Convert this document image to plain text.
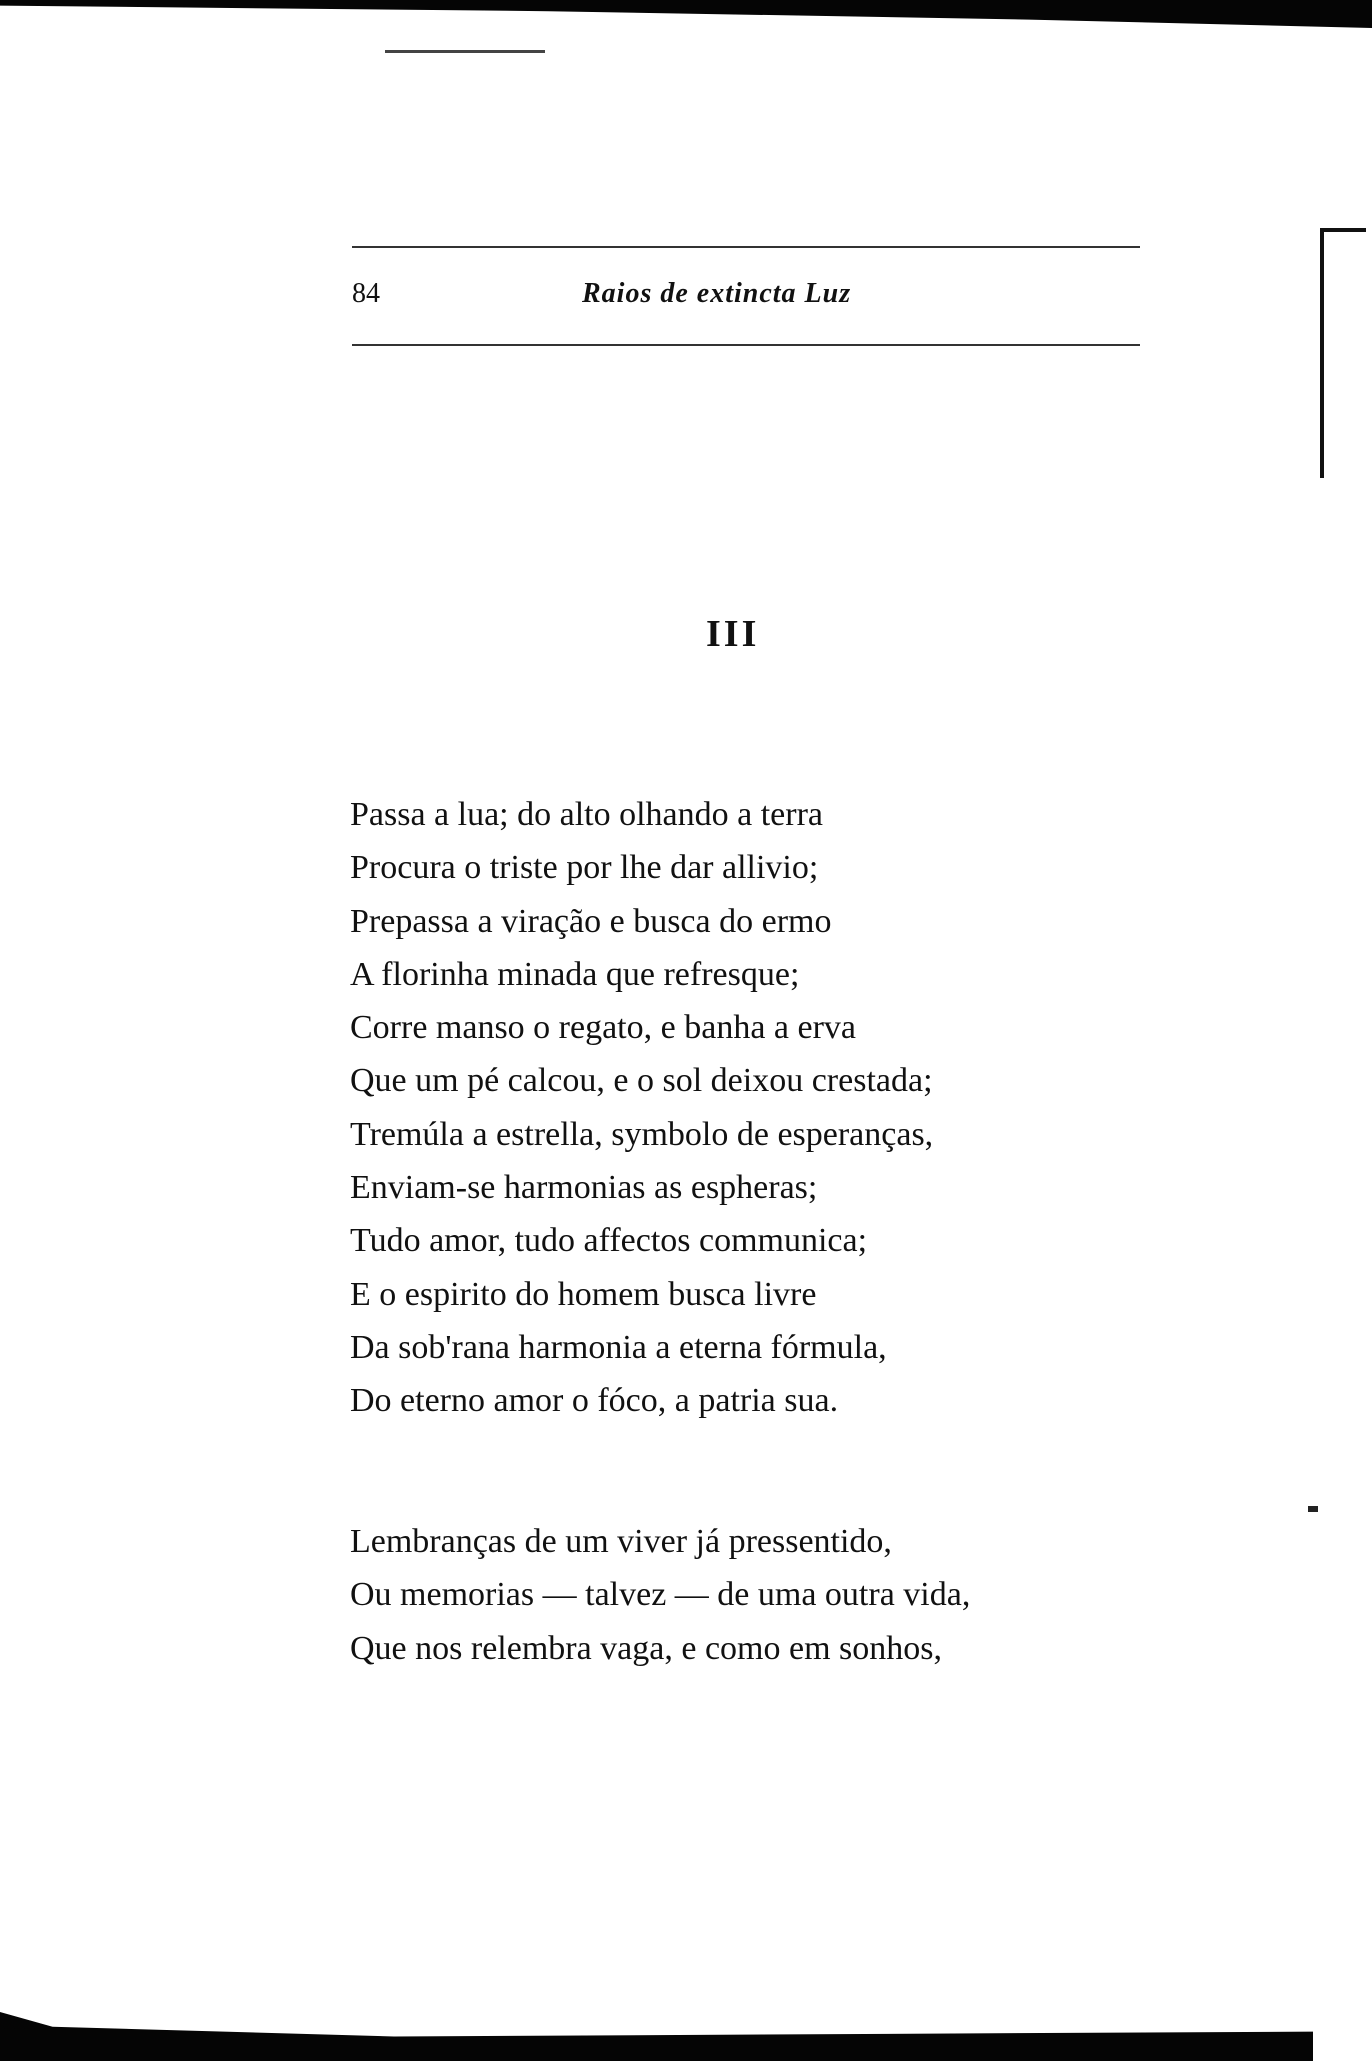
84	Raios de extincta Luz
III
Passa a lua; do alto olhando a terra
Procura o triste por lhe dar allivio;
Prepassa a viração e busca do ermo
A florinha minada que refresque;
Corre manso o regato, e banha a erva
Que um pé calcou, e o sol deixou crestada;
Tremúla a estrella, symbolo de esperanças,
Enviam-se harmonias as espheras;
Tudo amor, tudo affectos communica;
E o espirito do homem busca livre
Da sob'rana harmonia a eterna fórmula,
Do eterno amor o fóco, a patria sua.
Lembranças de um viver já pressentido,
Ou memorias — talvez — de uma outra vida,
Que nos relembra vaga, e como em sonhos,
